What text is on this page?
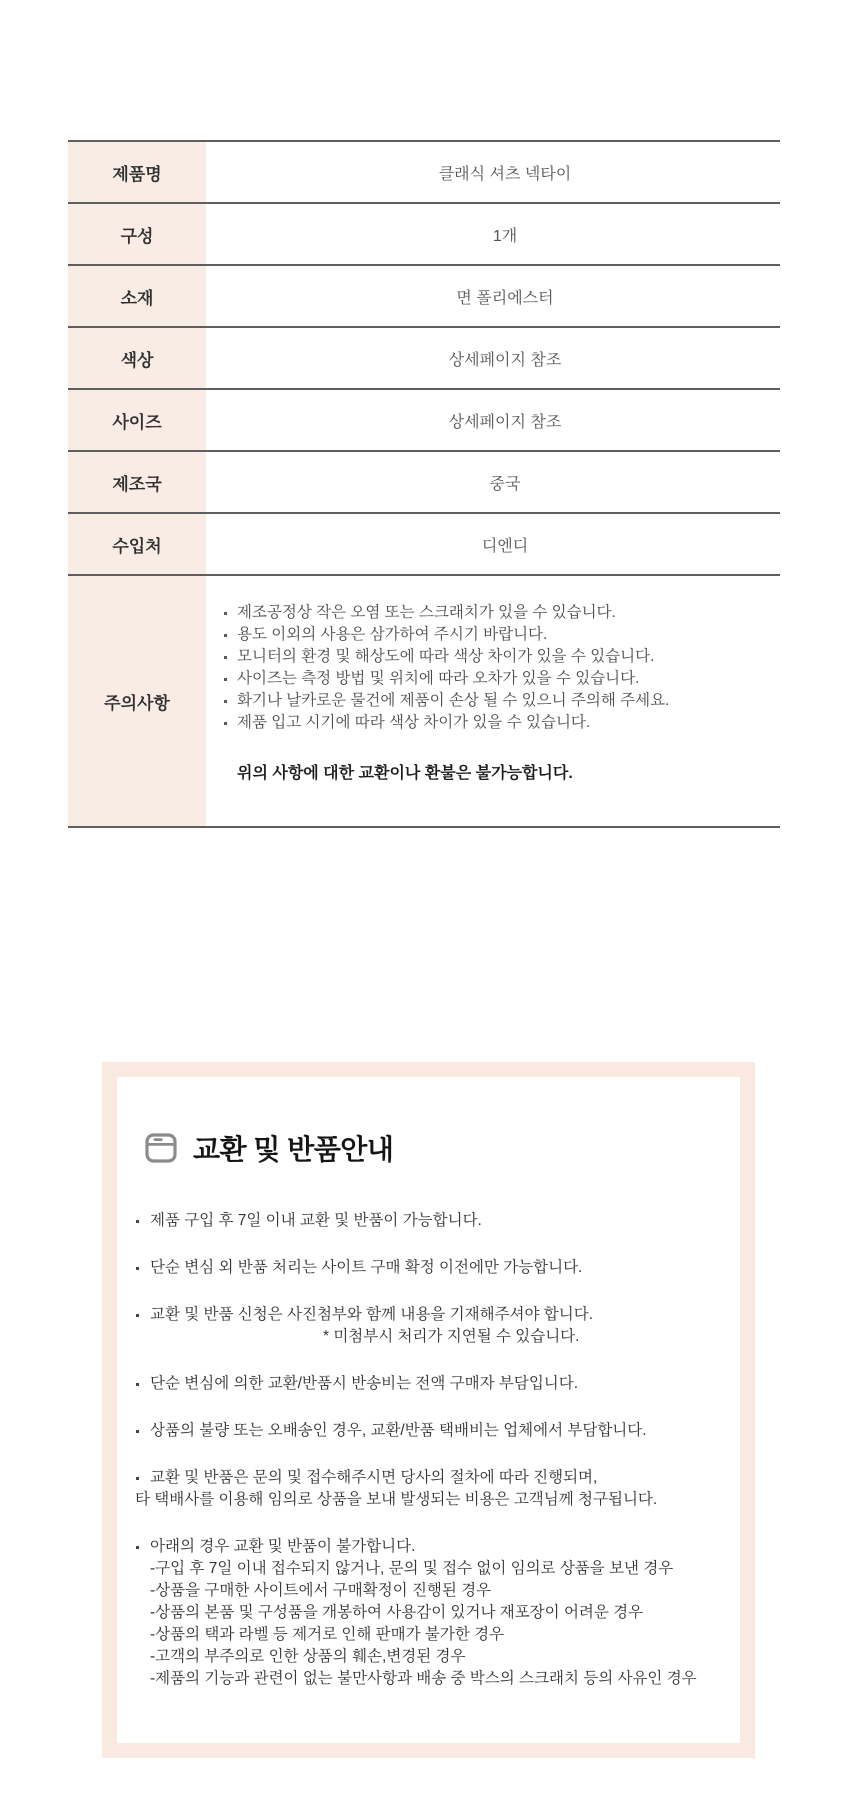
제품명	클래식 셔츠 넥타이
구성	1개
소재	면 폴리에스터
색상	상세페이지 참조
사이즈	상세페이지 참조
제조국	중국
수입처	디엔디
주의사항
제조공정상 작은 오염 또는 스크래치가 있을 수 있습니다.
용도 이외의 사용은 삼가하여 주시기 바랍니다.
모니터의 환경 및 해상도에 따라 색상 차이가 있을 수 있습니다.
사이즈는 측정 방법 및 위치에 따라 오차가 있을 수 있습니다.
화기나 날카로운 물건에 제품이 손상 될 수 있으니 주의해 주세요.
제품 입고 시기에 따라 색상 차이가 있을 수 있습니다.
위의 사항에 대한 교환이나 환불은 불가능합니다.
교환 및 반품안내
제품 구입 후 7일 이내 교환 및 반품이 가능합니다.
단순 변심 외 반품 처리는 사이트 구매 확정 이전에만 가능합니다.
교환 및 반품 신청은 사진첨부와 함께 내용을 기재해주셔야 합니다.
* 미첨부시 처리가 지연될 수 있습니다.
단순 변심에 의한 교환/반품시 반송비는 전액 구매자 부담입니다.
상품의 불량 또는 오배송인 경우, 교환/반품 택배비는 업체에서 부담합니다.
교환 및 반품은 문의 및 접수해주시면 당사의 절차에 따라 진행되며,
타 택배사를 이용해 임의로 상품을 보내 발생되는 비용은 고객님께 청구됩니다.
아래의 경우 교환 및 반품이 불가합니다.
-구입 후 7일 이내 접수되지 않거나, 문의 및 접수 없이 임의로 상품을 보낸 경우
-상품을 구매한 사이트에서 구매확정이 진행된 경우
-상품의 본품 및 구성품을 개봉하여 사용감이 있거나 재포장이 어려운 경우
-상품의 택과 라벨 등 제거로 인해 판매가 불가한 경우
-고객의 부주의로 인한 상품의 훼손,변경된 경우
-제품의 기능과 관련이 없는 불만사항과 배송 중 박스의 스크래치 등의 사유인 경우
